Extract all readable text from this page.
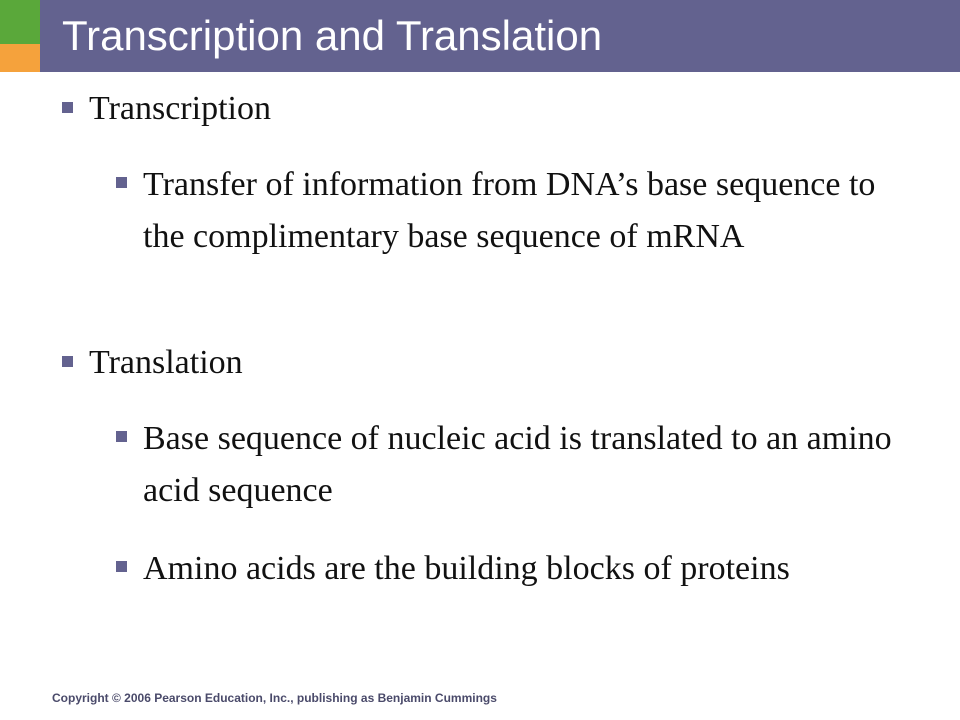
Transcription and Translation
Transcription
Transfer of information from DNA’s base sequence to the complimentary base sequence of mRNA
Translation
Base sequence of nucleic acid is translated to an amino acid sequence
Amino acids are the building blocks of proteins
Copyright © 2006 Pearson Education, Inc., publishing as Benjamin Cummings
